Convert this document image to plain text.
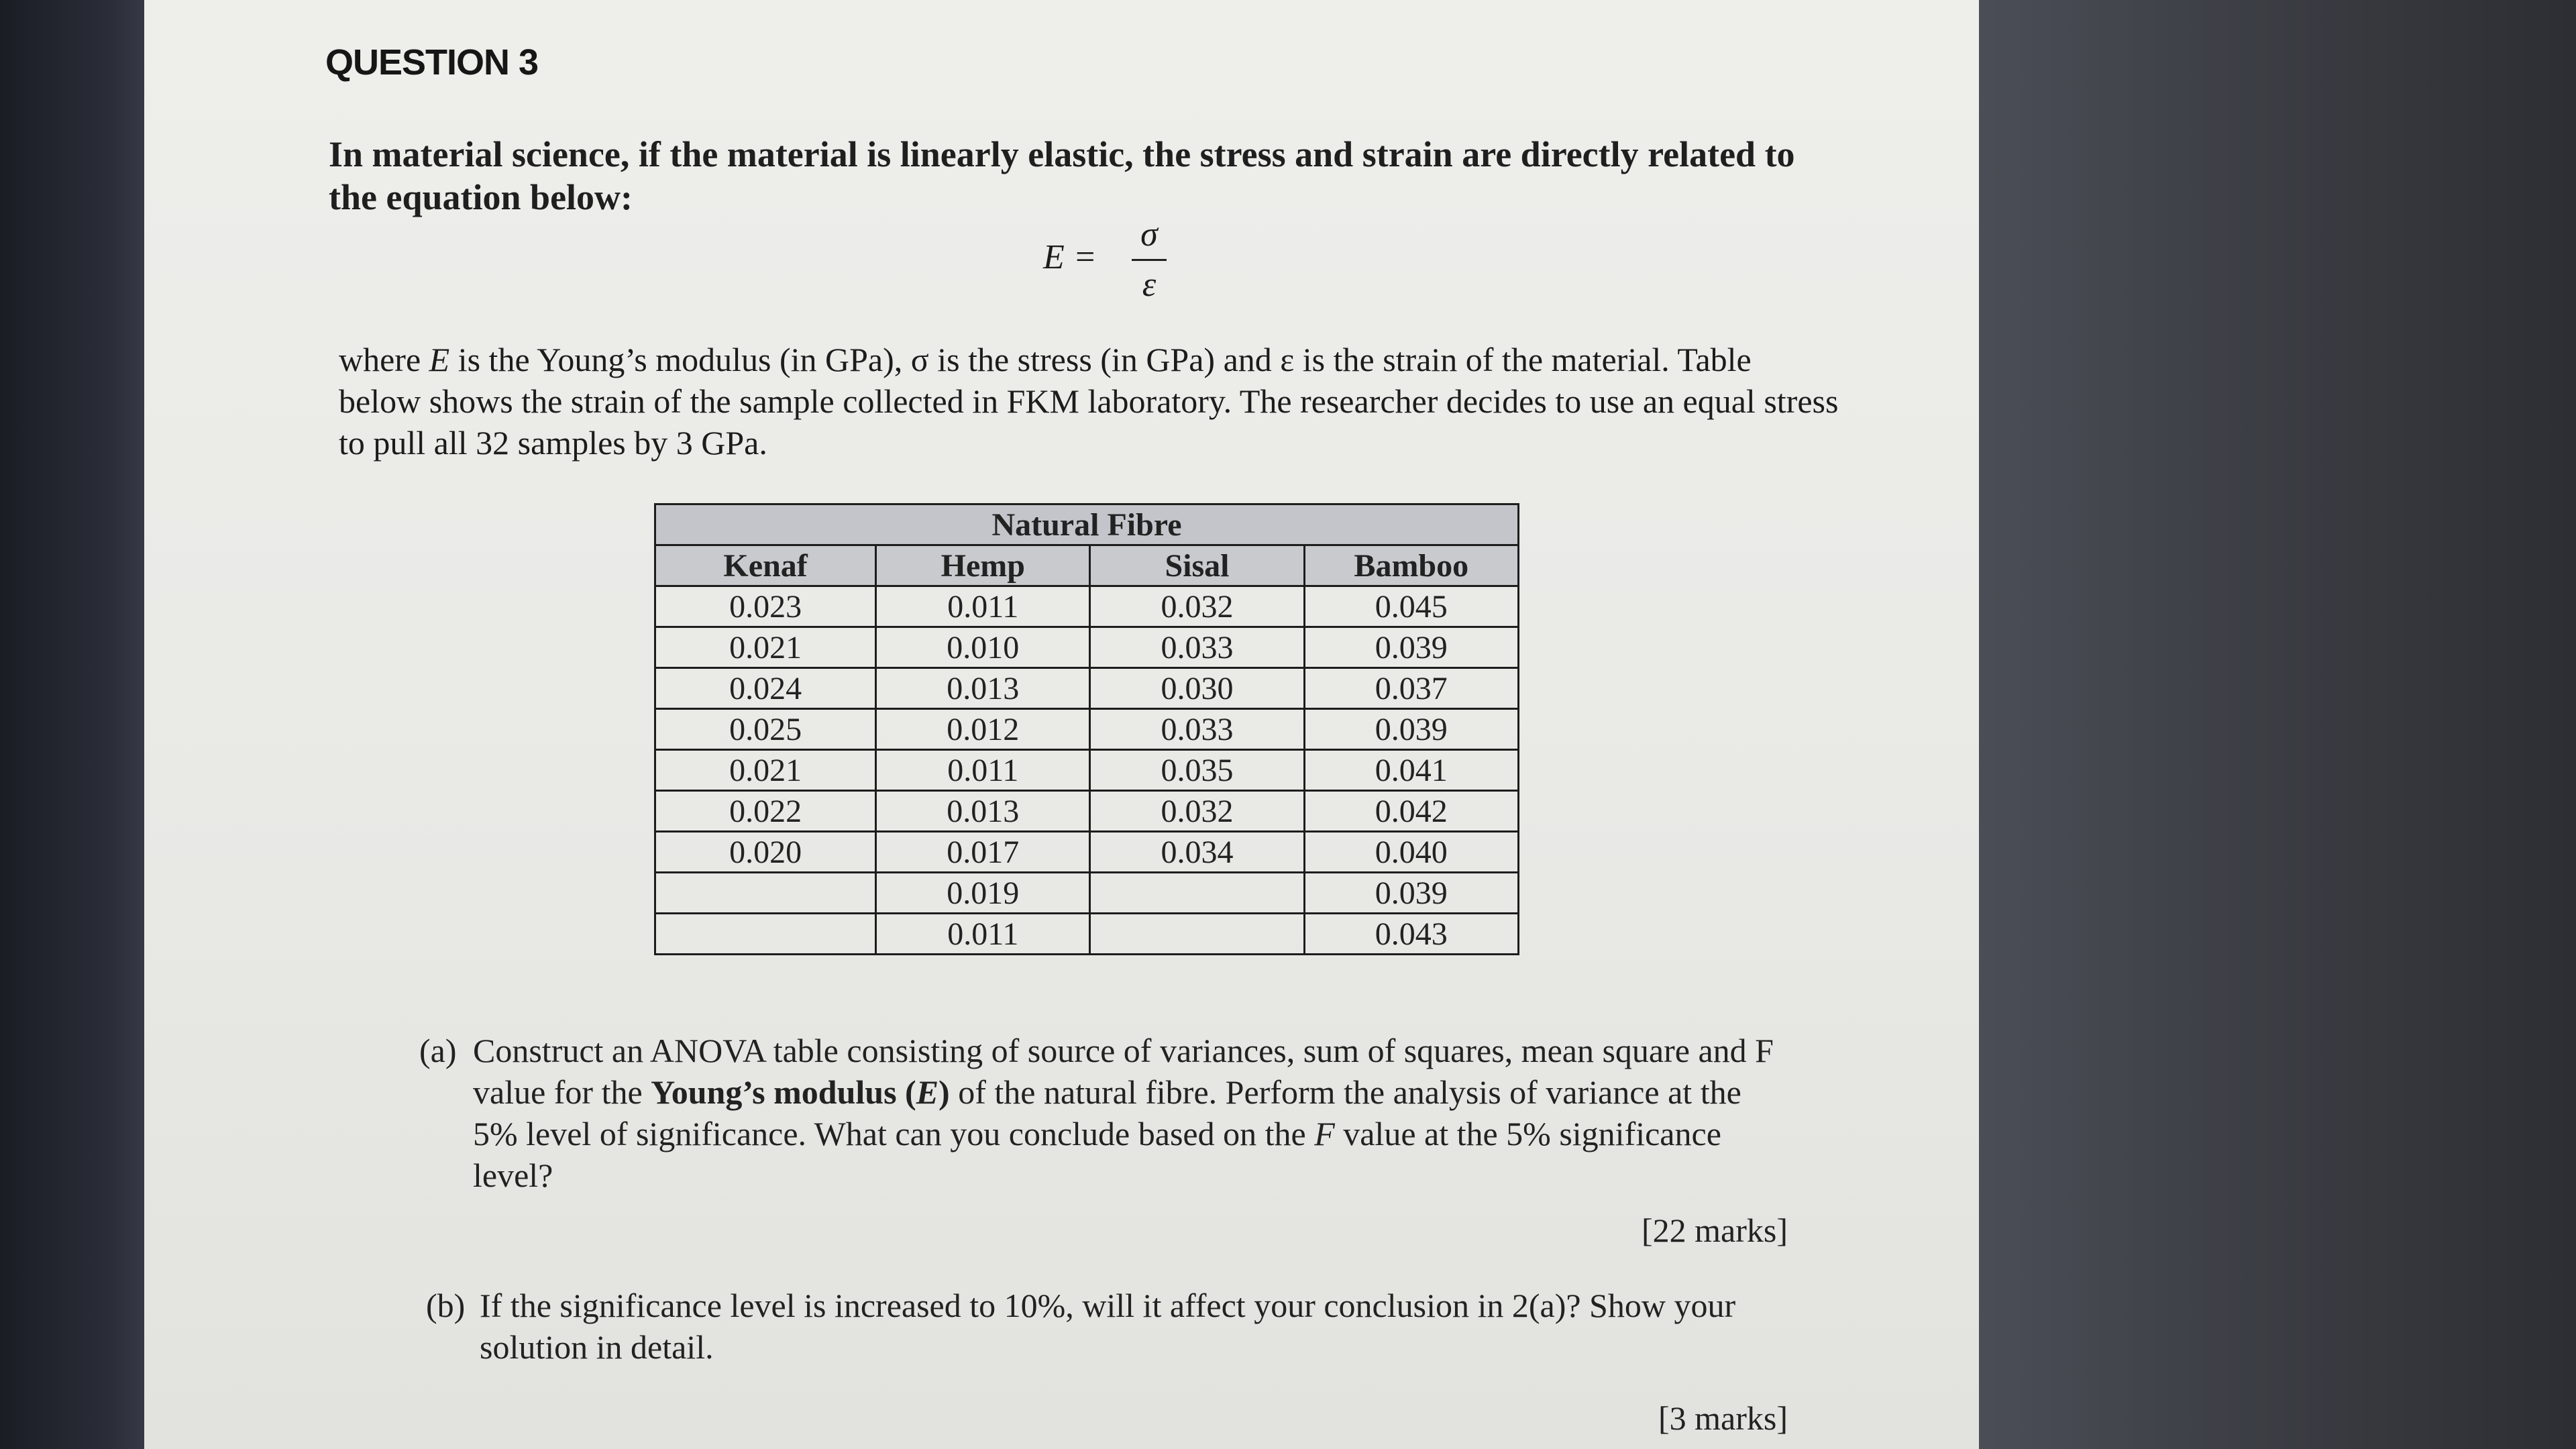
QUESTION 3
In material science, if the material is linearly elastic, the stress and strain are directly related to the equation below:
E =
σ
ε
where E is the Young’s modulus (in GPa), σ is the stress (in GPa) and ε is the strain of the material. Table below shows the strain of the sample collected in FKM laboratory. The researcher decides to use an equal stress to pull all 32 samples by 3 GPa.
Natural Fibre			
Kenaf	Hemp	Sisal	Bamboo
0.023	0.011	0.032	0.045
0.021	0.010	0.033	0.039
0.024	0.013	0.030	0.037
0.025	0.012	0.033	0.039
0.021	0.011	0.035	0.041
0.022	0.013	0.032	0.042
0.020	0.017	0.034	0.040
	0.019		0.039
	0.011		0.043
(a) Construct an ANOVA table consisting of source of variances, sum of squares, mean square and F value for the Young’s modulus (E) of the natural fibre. Perform the analysis of variance at the 5% level of significance. What can you conclude based on the F value at the 5% significance level?
[22 marks]
(b) If the significance level is increased to 10%, will it affect your conclusion in 2(a)? Show your solution in detail.
[3 marks]
